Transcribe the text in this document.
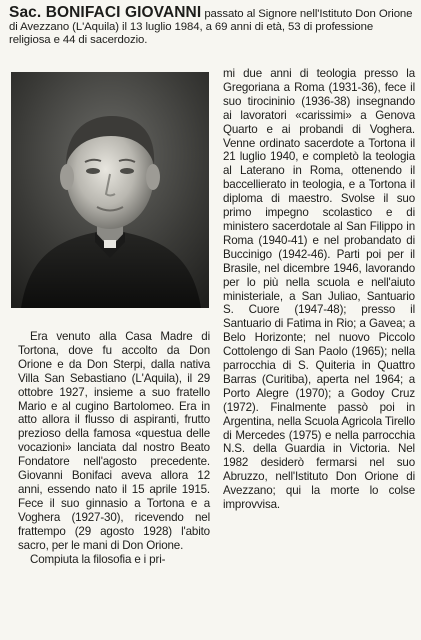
Sac. BONIFACI GIOVANNI passato al Signore nell'Istituto Don Orione di Avezzano (L'Aquila) il 13 luglio 1984, a 69 anni di età, 53 di professione religiosa e 44 di sacerdozio.

Era venuto alla Casa Madre di Tortona, dove fu accolto da Don Orione e da Don Sterpi, dalla nativa Villa San Sebastiano (L'Aquila), il 29 ottobre 1927, insieme a suo fratello Mario e al cugino Bartolomeo. Era in atto allora il flusso di aspiranti, frutto prezioso della famosa «questua delle vocazioni» lanciata dal nostro Beato Fondatore nell'agosto precedente. Giovanni Bonifaci aveva allora 12 anni, essendo nato il 15 aprile 1915. Fece il suo ginnasio a Tortona e a Voghera (1927-30), ricevendo nel frattempo (29 agosto 1928) l'abito sacro, per le mani di Don Orione.

Compiuta la filosofia e i pri-

mi due anni di teologia presso la Gregoriana a Roma (1931-36), fece il suo tirocininio (1936-38) insegnando ai lavoratori «carissimi» a Genova Quarto e ai probandi di Voghera. Venne ordinato sacerdote a Tortona il 21 luglio 1940, e completò la teologia al Laterano in Roma, ottenendo il baccellierato in teologia, e a Tortona il diploma di maestro. Svolse il suo primo impegno scolastico e di ministero sacerdotale al San Filippo in Roma (1940-41) e nel probandato di Buccinigo (1942-46). Parti poi per il Brasile, nel dicembre 1946, lavorando per lo più nella scuola e nell'aiuto ministeriale, a San Juliao, Santuario S. Cuore (1947-48); presso il Santuario di Fatima in Rio; a Gavea; a Belo Horizonte; nel nuovo Piccolo Cottolengo di San Paolo (1965); nella parrocchia di S. Quiteria in Quattro Barras (Curitiba), aperta nel 1964; a Porto Alegre (1970); a Godoy Cruz (1972). Finalmente passò poi in Argentina, nella Scuola Agricola Tirello di Mercedes (1975) e nella parrocchia N.S. della Guardia in Victoria. Nel 1982 desiderò fermarsi nel suo Abruzzo, nell'Istituto Don Orione di Avezzano; qui la morte lo colse improvvisa.
